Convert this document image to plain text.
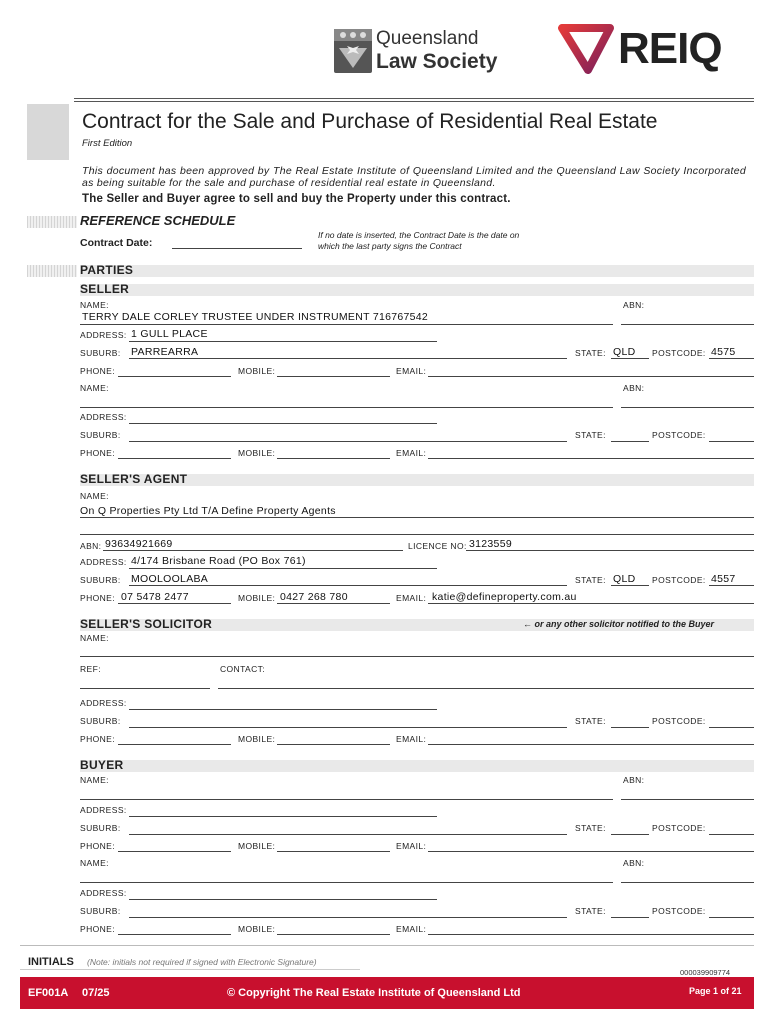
Queensland
Law Society	REIQ
Contract for the Sale and Purchase of Residential Real Estate
First Edition
This document has been approved by The Real Estate Institute of Queensland Limited and the Queensland Law Society Incorporated as being suitable for the sale and purchase of residential real estate in Queensland.
The Seller and Buyer agree to sell and buy the Property under this contract.
REFERENCE SCHEDULE
Contract Date:
If no date is inserted, the Contract Date is the date on which the last party signs the Contract
PARTIES
SELLER
NAME:	ABN:
TERRY DALE CORLEY TRUSTEE UNDER INSTRUMENT 716767542
ADDRESS: 1 GULL PLACE
SUBURB: PARREARRA	STATE: QLD POSTCODE: 4575
PHONE:	MOBILE:	EMAIL:
NAME:	ABN:
ADDRESS:
SUBURB:	STATE:	POSTCODE:
PHONE:	MOBILE:	EMAIL:
SELLER'S AGENT
NAME:
On Q Properties Pty Ltd T/A Define Property Agents
ABN: 93634921669	LICENCE NO: 3123559
ADDRESS: 4/174 Brisbane Road (PO Box 761)
SUBURB: MOOLOOLABA	STATE: QLD POSTCODE: 4557
PHONE: 07 5478 2477	MOBILE: 0427 268 780	EMAIL: katie@defineproperty.com.au
SELLER'S SOLICITOR	← or any other solicitor notified to the Buyer
NAME:
REF:	CONTACT:
ADDRESS:
SUBURB:	STATE:	POSTCODE:
PHONE:	MOBILE:	EMAIL:
BUYER
NAME:	ABN:
ADDRESS:
SUBURB:	STATE:	POSTCODE:
PHONE:	MOBILE:	EMAIL:
NAME:	ABN:
ADDRESS:
SUBURB:	STATE:	POSTCODE:
PHONE:	MOBILE:	EMAIL:
INITIALS (Note: initials not required if signed with Electronic Signature)
000039909774
EF001A 07/25	© Copyright The Real Estate Institute of Queensland Ltd	Page 1 of 21
